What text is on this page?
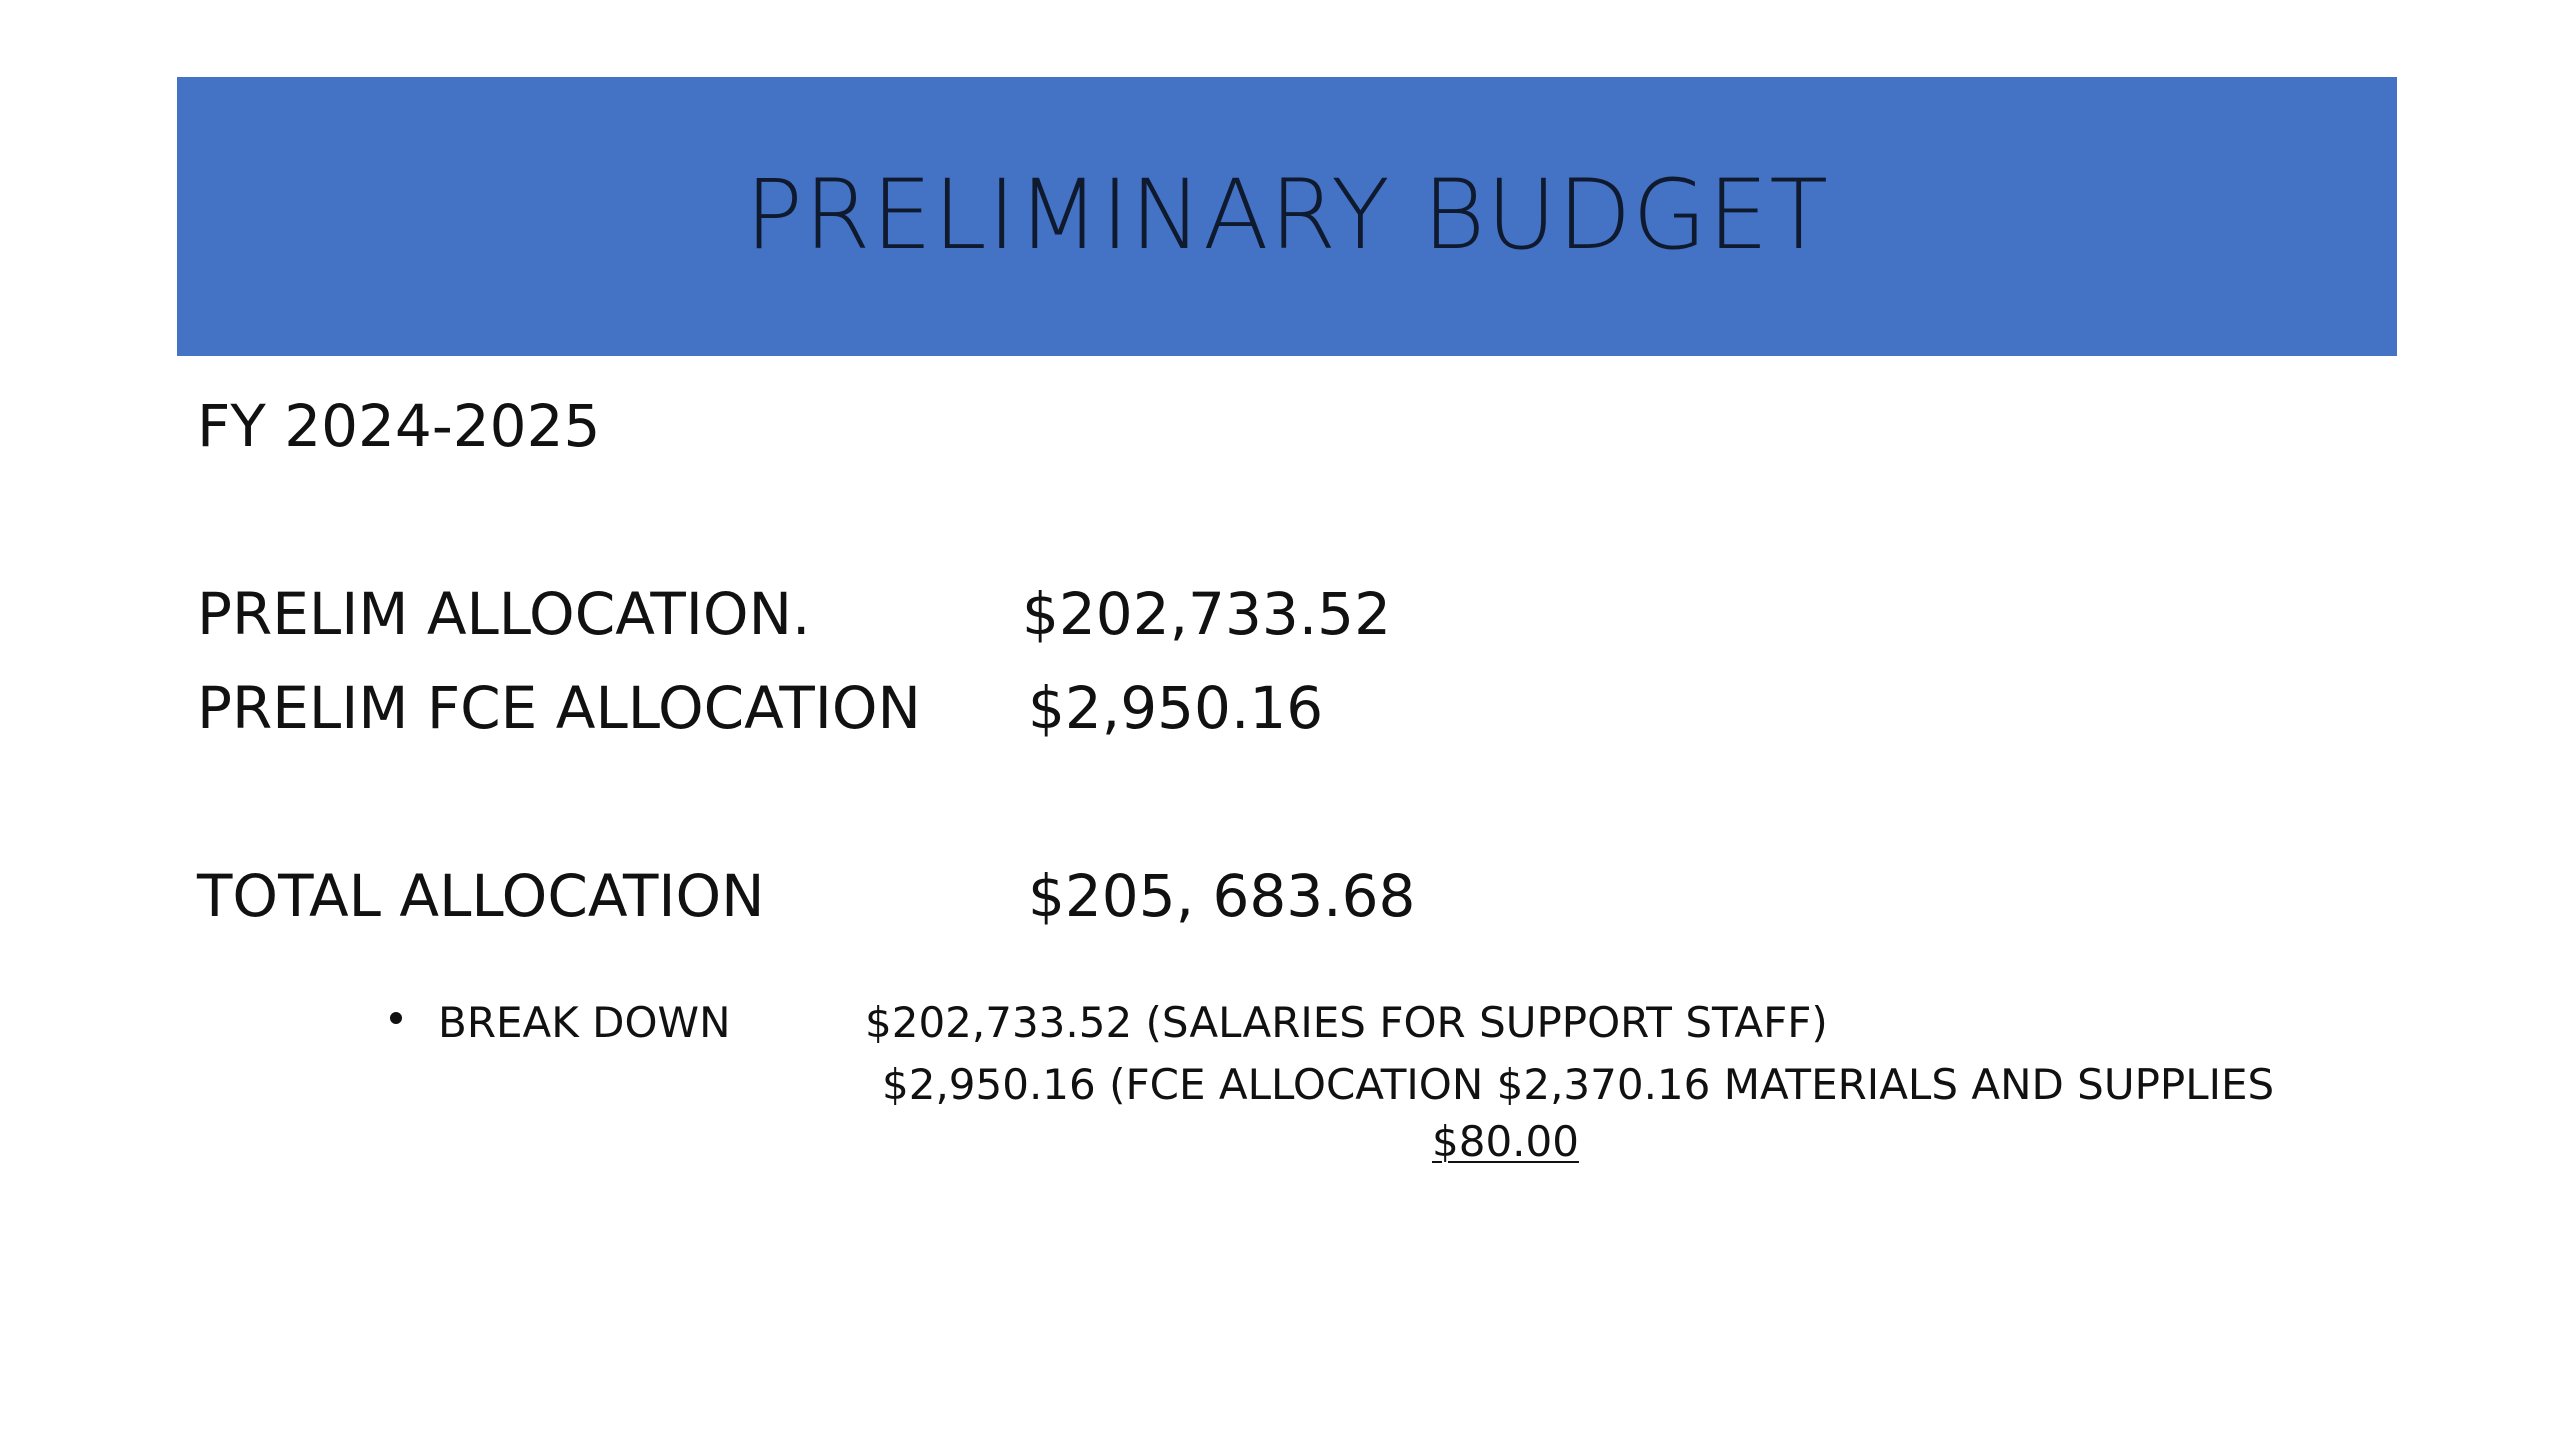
PRELIMINARY BUDGET
FY 2024-2025
PRELIM ALLOCATION.	$202,733.52
PRELIM FCE ALLOCATION $2,950.16
TOTAL ALLOCATION	$205, 683.68
BREAK DOWN	$202,733.52 (SALARIES FOR SUPPORT STAFF)
$2,950.16 (FCE ALLOCATION $2,370.16 MATERIALS AND SUPPLIES
$80.00
